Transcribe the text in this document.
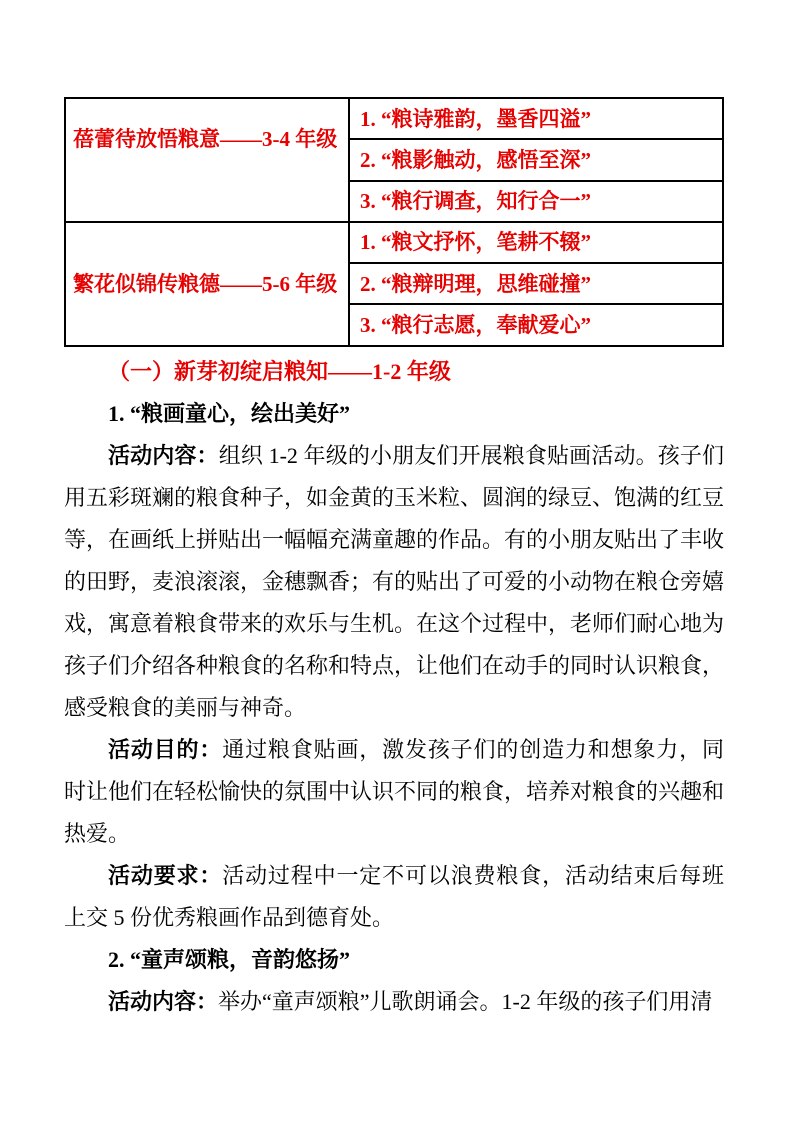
蓓蕾待放悟粮意——3-4 年级	1. “粮诗雅韵，墨香四溢”
	2. “粮影触动，感悟至深”
	3. “粮行调查，知行合一”
繁花似锦传粮德——5-6 年级	1. “粮文抒怀，笔耕不辍”
	2. “粮辩明理，思维碰撞”
	3. “粮行志愿，奉献爱心”

（一）新芽初绽启粮知——1-2 年级

1. “粮画童心，绘出美好”

活动内容：组织 1-2 年级的小朋友们开展粮食贴画活动。孩子们用五彩斑斓的粮食种子，如金黄的玉米粒、圆润的绿豆、饱满的红豆等，在画纸上拼贴出一幅幅充满童趣的作品。有的小朋友贴出了丰收的田野，麦浪滚滚，金穗飘香；有的贴出了可爱的小动物在粮仓旁嬉戏，寓意着粮食带来的欢乐与生机。在这个过程中，老师们耐心地为孩子们介绍各种粮食的名称和特点，让他们在动手的同时认识粮食，感受粮食的美丽与神奇。

活动目的：通过粮食贴画，激发孩子们的创造力和想象力，同时让他们在轻松愉快的氛围中认识不同的粮食，培养对粮食的兴趣和热爱。

活动要求：活动过程中一定不可以浪费粮食，活动结束后每班上交 5 份优秀粮画作品到德育处。

2. “童声颂粮，音韵悠扬”

活动内容：举办“童声颂粮”儿歌朗诵会。1-2 年级的孩子们用清
